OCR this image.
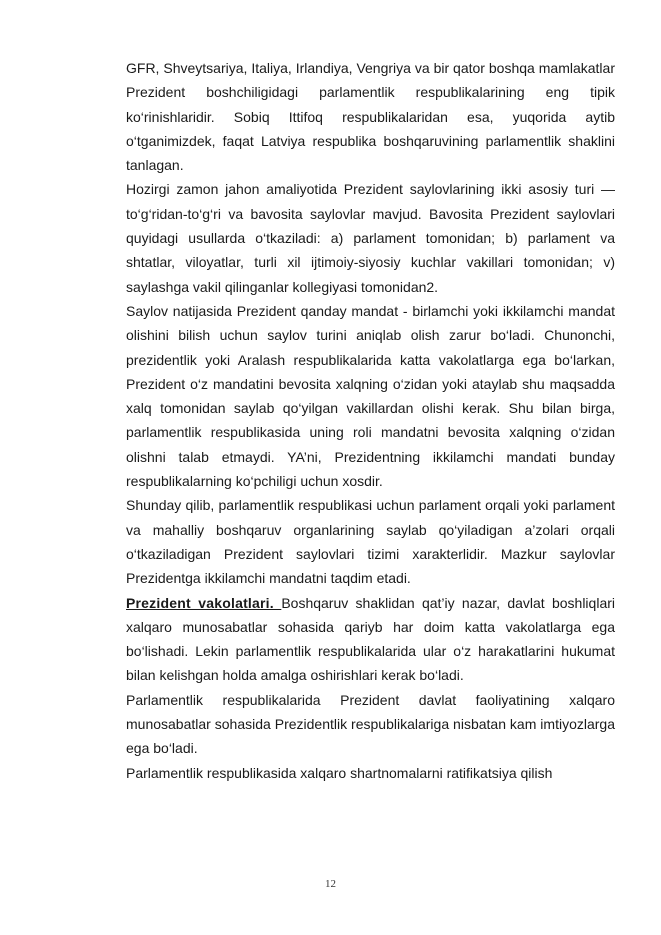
GFR, Shveytsariya, Italiya, Irlandiya, Vengriya va bir qator boshqa mamlakatlar Prezident boshchiligidagi parlamentlik respublikalarining eng tipik ko‘rinishlaridir. Sobiq Ittifoq respublikalaridan esa, yuqorida aytib o‘tganimizdek, faqat Latviya respublika boshqaruvining parlamentlik shaklini tanlagan.

Hozirgi zamon jahon amaliyotida Prezident saylovlarining ikki asosiy turi — to‘g‘ridan-to‘g‘ri va bavosita saylovlar mavjud. Bavosita Prezident saylovlari quyidagi usullarda o‘tkaziladi: a) parlament tomonidan; b) parlament va shtatlar, viloyatlar, turli xil ijtimoiy-siyosiy kuchlar vakillari tomonidan; v) saylashga vakil qilinganlar kollegiyasi tomonidan2.

Saylov natijasida Prezident qanday mandat - birlamchi yoki ikkilamchi mandat olishini bilish uchun saylov turini aniqlab olish zarur bo‘ladi. Chunonchi, prezidentlik yoki Aralash respublikalarida katta vakolatlarga ega bo‘larkan, Prezident o‘z mandatini bevosita xalqning o‘zidan yoki ataylab shu maqsadda xalq tomonidan saylab qo‘yilgan vakillardan olishi kerak. Shu bilan birga, parlamentlik respublikasida uning roli mandatni bevosita xalqning o‘zidan olishni talab etmaydi. YA’ni, Prezidentning ikkilamchi mandati bunday respublikalarning ko‘pchiligi uchun xosdir.

Shunday qilib, parlamentlik respublikasi uchun parlament orqali yoki parlament va mahalliy boshqaruv organlarining saylab qo‘yiladigan a’zolari orqali o‘tkaziladigan Prezident saylovlari tizimi xarakterlidir. Mazkur saylovlar Prezidentga ikkilamchi mandatni taqdim etadi.

Prezident vakolatlari. Boshqaruv shaklidan qat’iy nazar, davlat boshliqlari xalqaro munosabatlar sohasida qariyb har doim katta vakolatlarga ega bo‘lishadi. Lekin parlamentlik respublikalarida ular o‘z harakatlarini hukumat bilan kelishgan holda amalga oshirishlari kerak bo‘ladi.

Parlamentlik respublikalarida Prezident davlat faoliyatining xalqaro munosabatlar sohasida Prezidentlik respublikalariga nisbatan kam imtiyozlarga ega bo‘ladi.

Parlamentlik respublikasida xalqaro shartnomalarni ratifikatsiya qilish

12
